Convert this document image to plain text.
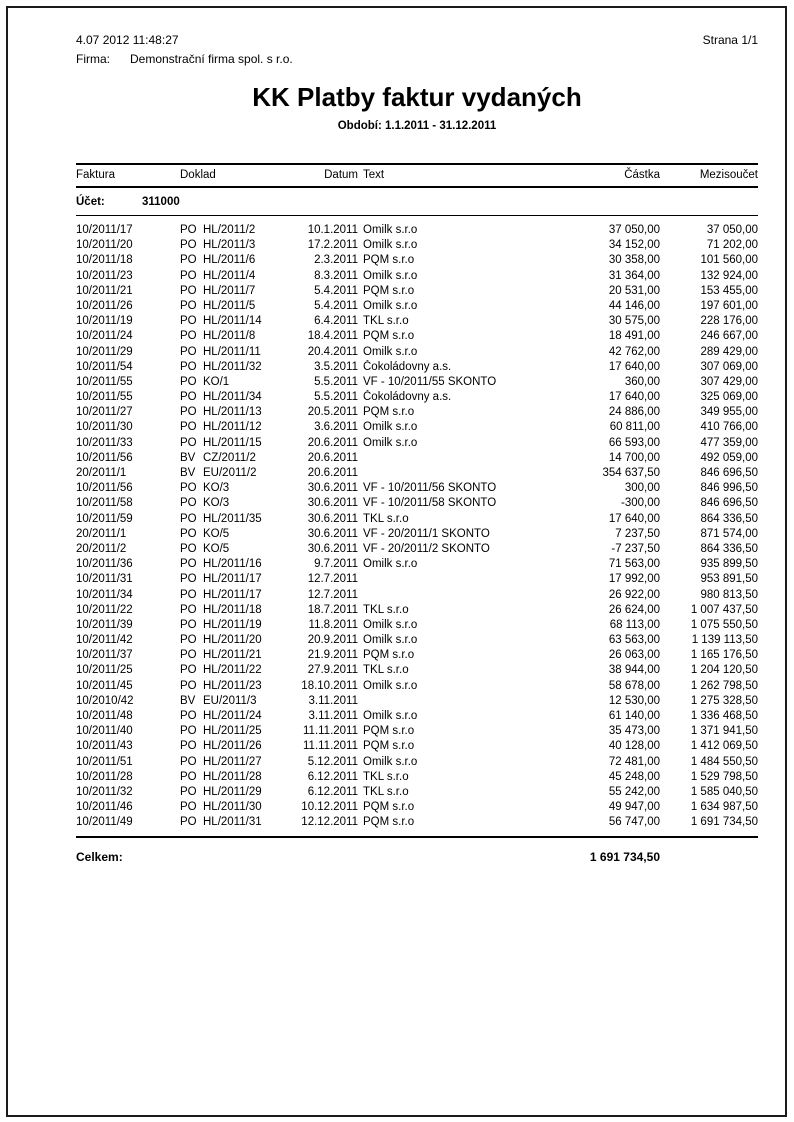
4.07 2012 11:48:27	Strana 1/1
Firma: Demonstrační firma spol. s r.o.
KK Platby faktur vydaných
Období: 1.1.2011 - 31.12.2011
Faktura	Doklad	Datum Text	Částka	Mezisoučet
Účet:	311000
10/2011/17	PO HL/2011/2	10.1.2011 Omilk s.r.o	37 050,00	37 050,00
10/2011/20	PO HL/2011/3	17.2.2011 Omilk s.r.o	34 152,00	71 202,00
10/2011/18	PO HL/2011/6	2.3.2011 PQM s.r.o	30 358,00	101 560,00
10/2011/23	PO HL/2011/4	8.3.2011 Omilk s.r.o	31 364,00	132 924,00
10/2011/21	PO HL/2011/7	5.4.2011 PQM s.r.o	20 531,00	153 455,00
10/2011/26	PO HL/2011/5	5.4.2011 Omilk s.r.o	44 146,00	197 601,00
10/2011/19	PO HL/2011/14	6.4.2011 TKL s.r.o	30 575,00	228 176,00
10/2011/24	PO HL/2011/8	18.4.2011 PQM s.r.o	18 491,00	246 667,00
10/2011/29	PO HL/2011/11	20.4.2011 Omilk s.r.o	42 762,00	289 429,00
10/2011/54	PO HL/2011/32	3.5.2011 Čokoládovny a.s.	17 640,00	307 069,00
10/2011/55	PO KO/1	5.5.2011 VF - 10/2011/55 SKONTO	360,00	307 429,00
10/2011/55	PO HL/2011/34	5.5.2011 Čokoládovny a.s.	17 640,00	325 069,00
10/2011/27	PO HL/2011/13	20.5.2011 PQM s.r.o	24 886,00	349 955,00
10/2011/30	PO HL/2011/12	3.6.2011 Omilk s.r.o	60 811,00	410 766,00
10/2011/33	PO HL/2011/15	20.6.2011 Omilk s.r.o	66 593,00	477 359,00
10/2011/56	BV CZ/2011/2	20.6.2011	14 700,00	492 059,00
20/2011/1	BV EU/2011/2	20.6.2011	354 637,50	846 696,50
10/2011/56	PO KO/3	30.6.2011 VF - 10/2011/56 SKONTO	300,00	846 996,50
10/2011/58	PO KO/3	30.6.2011 VF - 10/2011/58 SKONTO	-300,00	846 696,50
10/2011/59	PO HL/2011/35	30.6.2011 TKL s.r.o	17 640,00	864 336,50
20/2011/1	PO KO/5	30.6.2011 VF - 20/2011/1 SKONTO	7 237,50	871 574,00
20/2011/2	PO KO/5	30.6.2011 VF - 20/2011/2 SKONTO	-7 237,50	864 336,50
10/2011/36	PO HL/2011/16	9.7.2011 Omilk s.r.o	71 563,00	935 899,50
10/2011/31	PO HL/2011/17	12.7.2011	17 992,00	953 891,50
10/2011/34	PO HL/2011/17	12.7.2011	26 922,00	980 813,50
10/2011/22	PO HL/2011/18	18.7.2011 TKL s.r.o	26 624,00	1 007 437,50
10/2011/39	PO HL/2011/19	11.8.2011 Omilk s.r.o	68 113,00	1 075 550,50
10/2011/42	PO HL/2011/20	20.9.2011 Omilk s.r.o	63 563,00	1 139 113,50
10/2011/37	PO HL/2011/21	21.9.2011 PQM s.r.o	26 063,00	1 165 176,50
10/2011/25	PO HL/2011/22	27.9.2011 TKL s.r.o	38 944,00	1 204 120,50
10/2011/45	PO HL/2011/23	18.10.2011 Omilk s.r.o	58 678,00	1 262 798,50
10/2010/42	BV EU/2011/3	3.11.2011	12 530,00	1 275 328,50
10/2011/48	PO HL/2011/24	3.11.2011 Omilk s.r.o	61 140,00	1 336 468,50
10/2011/40	PO HL/2011/25	11.11.2011 PQM s.r.o	35 473,00	1 371 941,50
10/2011/43	PO HL/2011/26	11.11.2011 PQM s.r.o	40 128,00	1 412 069,50
10/2011/51	PO HL/2011/27	5.12.2011 Omilk s.r.o	72 481,00	1 484 550,50
10/2011/28	PO HL/2011/28	6.12.2011 TKL s.r.o	45 248,00	1 529 798,50
10/2011/32	PO HL/2011/29	6.12.2011 TKL s.r.o	55 242,00	1 585 040,50
10/2011/46	PO HL/2011/30	10.12.2011 PQM s.r.o	49 947,00	1 634 987,50
10/2011/49	PO HL/2011/31	12.12.2011 PQM s.r.o	56 747,00	1 691 734,50
Celkem:	1 691 734,50
